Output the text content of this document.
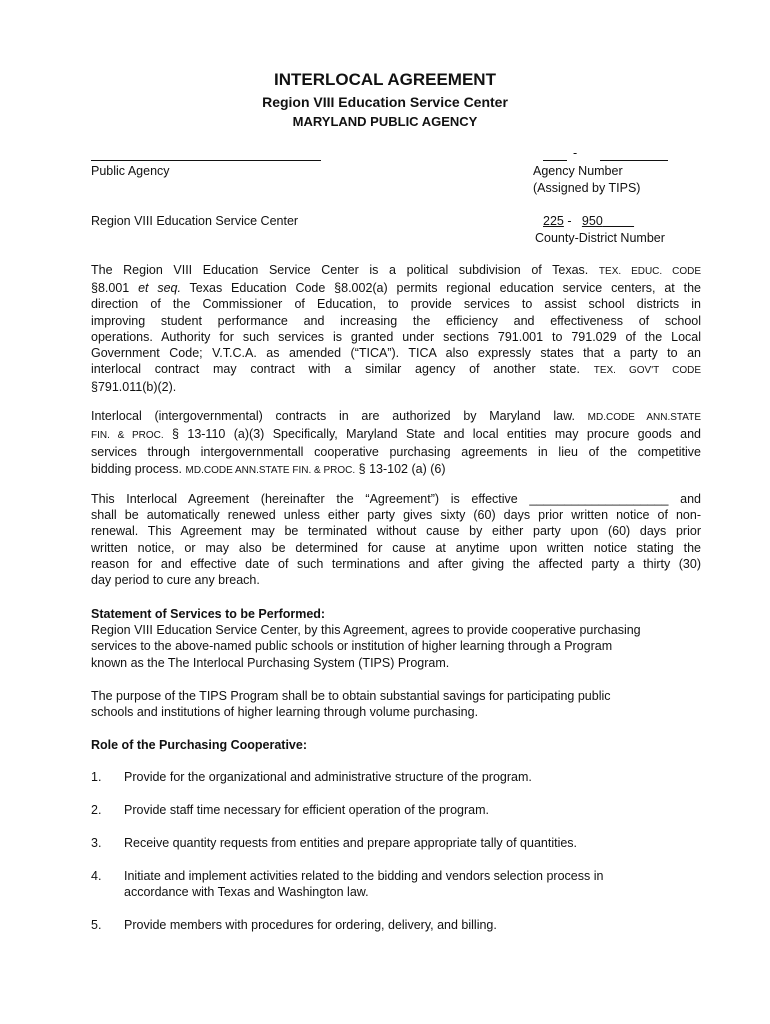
INTERLOCAL AGREEMENT
Region VIII Education Service Center
MARYLAND PUBLIC AGENCY
Public Agency
-
Agency Number
(Assigned by TIPS)
Region VIII Education Service Center	225 -   950
County-District Number
The Region VIII Education Service Center is a political subdivision of Texas. TEX. EDUC. CODE
§8.001 et seq. Texas Education Code §8.002(a) permits regional education service centers, at the
direction of the Commissioner of Education, to provide services to assist school districts in
improving student performance and increasing the efficiency and effectiveness of school
operations. Authority for such services is granted under sections 791.001 to 791.029 of the Local
Government Code; V.T.C.A. as amended (“TICA”). TICA also expressly states that a party to an
interlocal contract may contract with a similar agency of another state. TEX. GOV'T CODE
§791.011(b)(2).
Interlocal (intergovernmental) contracts in are authorized by Maryland law. MD.CODE ANN.STATE
FIN. & PROC. § 13-110 (a)(3) Specifically, Maryland State and local entities may procure goods and
services through intergovernmentall cooperative purchasing agreements in lieu of the competitive
bidding process. MD.CODE ANN.STATE FIN. & PROC. § 13-102 (a) (6)
This Interlocal Agreement (hereinafter the “Agreement”) is effective ____________________ and
shall be automatically renewed unless either party gives sixty (60) days prior written notice of non-
renewal. This Agreement may be terminated without cause by either party upon (60) days prior
written notice, or may also be determined for cause at anytime upon written notice stating the
reason for and effective date of such terminations and after giving the affected party a thirty (30)
day period to cure any breach.
Statement of Services to be Performed:
Region VIII Education Service Center, by this Agreement, agrees to provide cooperative purchasing
services to the above-named public schools or institution of higher learning through a Program
known as the The Interlocal Purchasing System (TIPS) Program.
The purpose of the TIPS Program shall be to obtain substantial savings for participating public
schools and institutions of higher learning through volume purchasing.
Role of the Purchasing Cooperative:
1. Provide for the organizational and administrative structure of the program.
2. Provide staff time necessary for efficient operation of the program.
3. Receive quantity requests from entities and prepare appropriate tally of quantities.
4. Initiate and implement activities related to the bidding and vendors selection process in accordance with Texas and Washington law.
5. Provide members with procedures for ordering, delivery, and billing.
